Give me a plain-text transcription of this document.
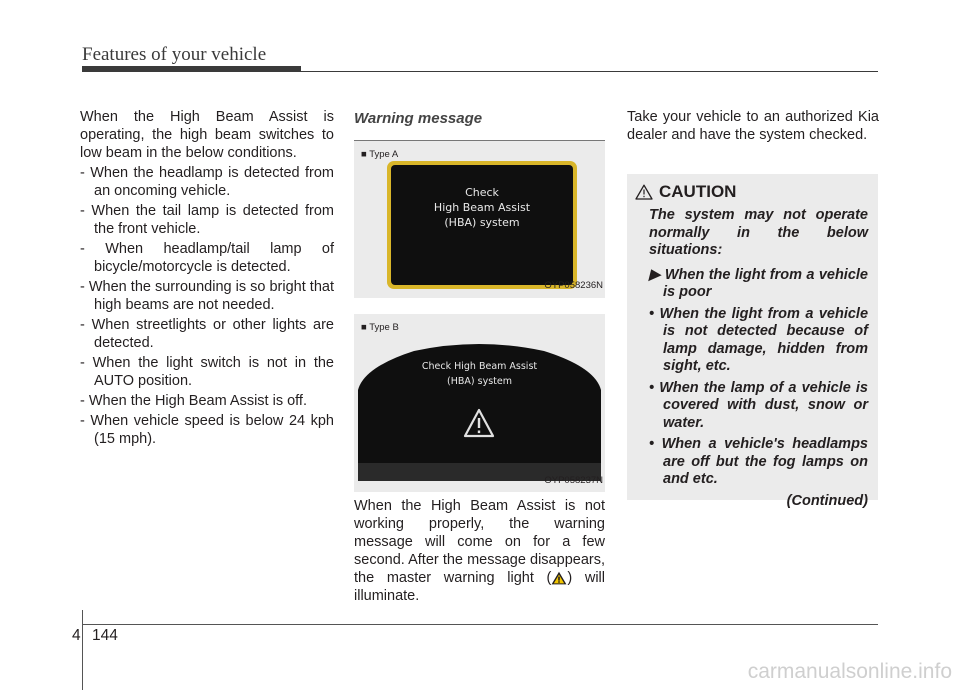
Features of your vehicle

When the High Beam Assist is operating, the high beam switches to low beam in the below conditions.

- When the headlamp is detected from an oncoming vehicle.
- When the tail lamp is detected from the front vehicle.
- When headlamp/tail lamp of bicycle/motorcycle is detected.
- When the surrounding is so bright that high beams are not needed.
- When streetlights or other lights are detected.
- When the light switch is not in the AUTO position.
- When the High Beam Assist is off.
- When vehicle speed is below 24 kph (15 mph).
Warning message
■ Type A
Check
High Beam Assist
(HBA) system
OYP058236N
■ Type B
Check High Beam Assist
(HBA) system
OYP058237N

When the High Beam Assist is not working properly, the warning message will come on for a few second. After the message disappears, the master warning light ( ) will illuminate.

Take your vehicle to an authorized Kia dealer and have the system checked.

CAUTION

The system may not operate normally in the below situations:

▶ When the light from a vehicle is poor
• When the light from a vehicle is not detected because of lamp damage, hidden from sight, etc.
• When the lamp of a vehicle is covered with dust, snow or water.
• When a vehicle's headlamps are off but the fog lamps on and etc.
(Continued)
4 144
carmanualsonline.info
